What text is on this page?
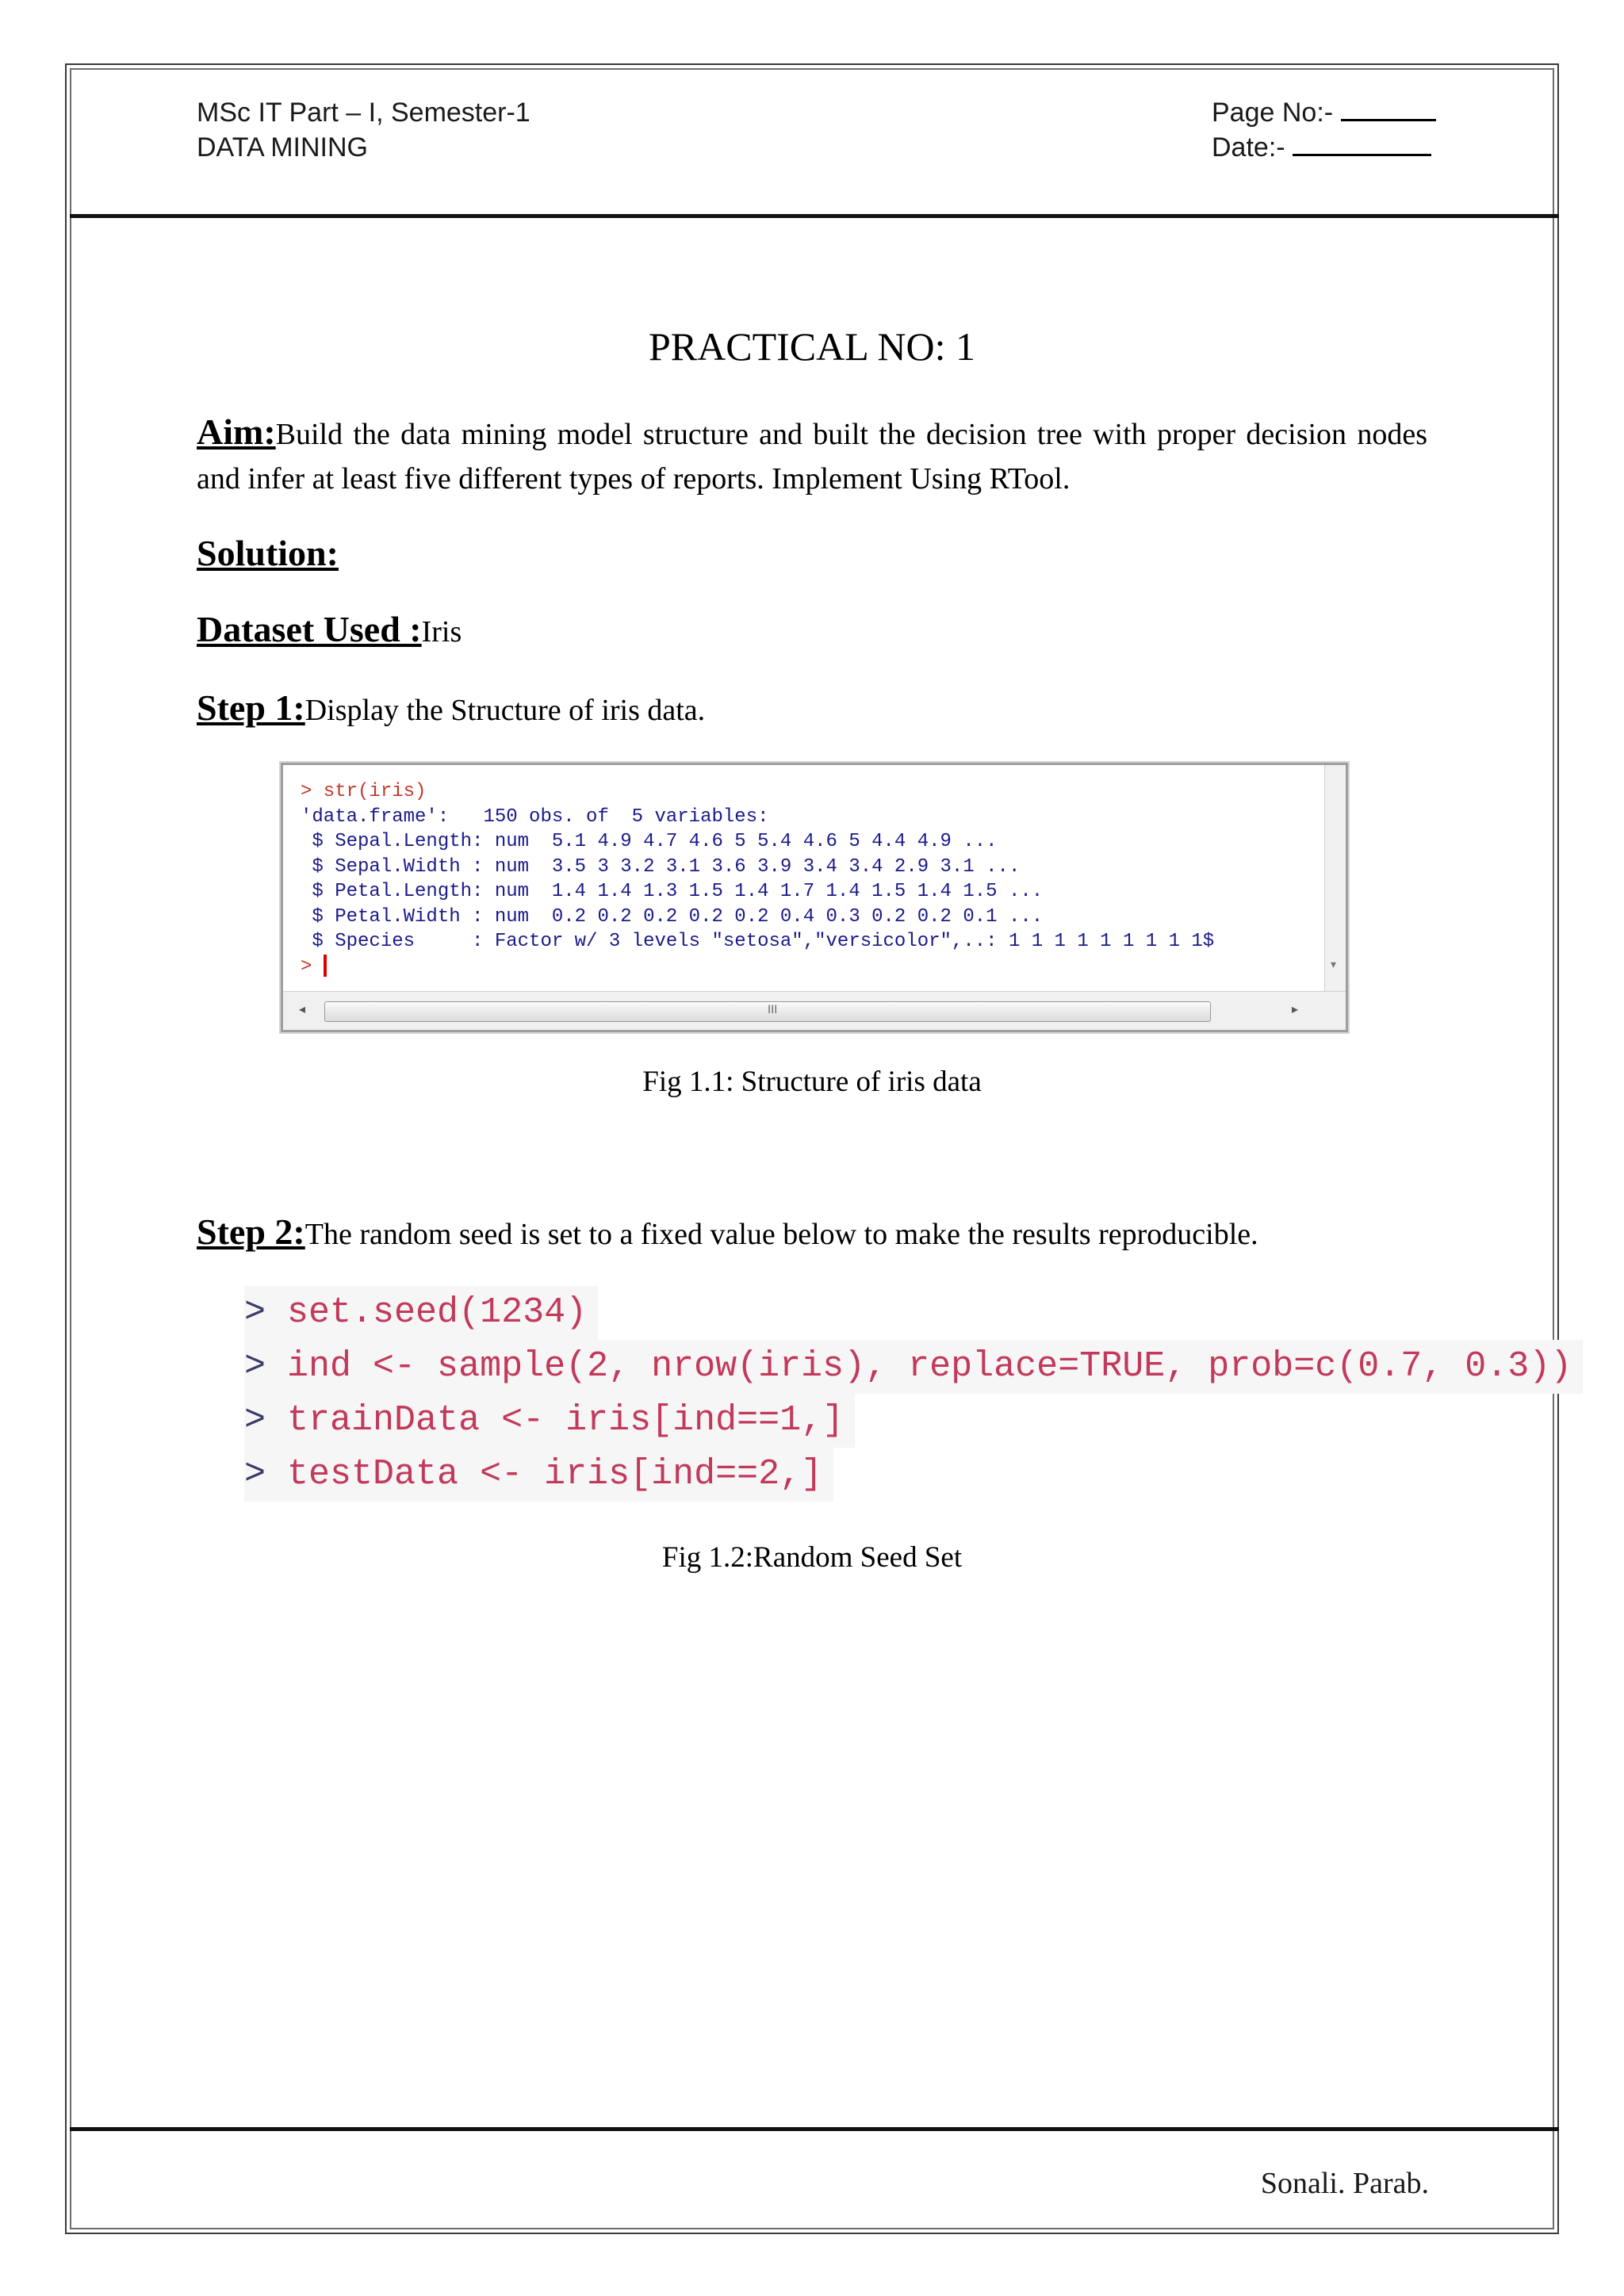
MSc IT Part – I, Semester-1
DATA MINING
Page No:-
Date:-
PRACTICAL NO: 1
Aim:Build the data mining model structure and built the decision tree with proper decision nodes and infer at least five different types of reports. Implement Using RTool.
Solution:
Dataset Used :Iris
Step 1:Display the Structure of iris data.
> str(iris)
'data.frame':   150 obs. of  5 variables:
$ Sepal.Length: num  5.1 4.9 4.7 4.6 5 5.4 4.6 5 4.4 4.9 ...
$ Sepal.Width : num  3.5 3 3.2 3.1 3.6 3.9 3.4 3.4 2.9 3.1 ...
$ Petal.Length: num  1.4 1.4 1.3 1.5 1.4 1.7 1.4 1.5 1.4 1.5 ...
$ Petal.Width : num  0.2 0.2 0.2 0.2 0.2 0.4 0.3 0.2 0.2 0.1 ...
$ Species     : Factor w/ 3 levels "setosa","versicolor",..: 1 1 1 1 1 1 1 1 1$
>	▾
◂	III	▸
Fig 1.1: Structure of iris data
Step 2:The random seed is set to a fixed value below to make the results reproducible.
> set.seed(1234)
> ind <- sample(2, nrow(iris), replace=TRUE, prob=c(0.7, 0.3))
> trainData <- iris[ind==1,]
> testData <- iris[ind==2,]
Fig 1.2:Random Seed Set
Sonali. Parab.
